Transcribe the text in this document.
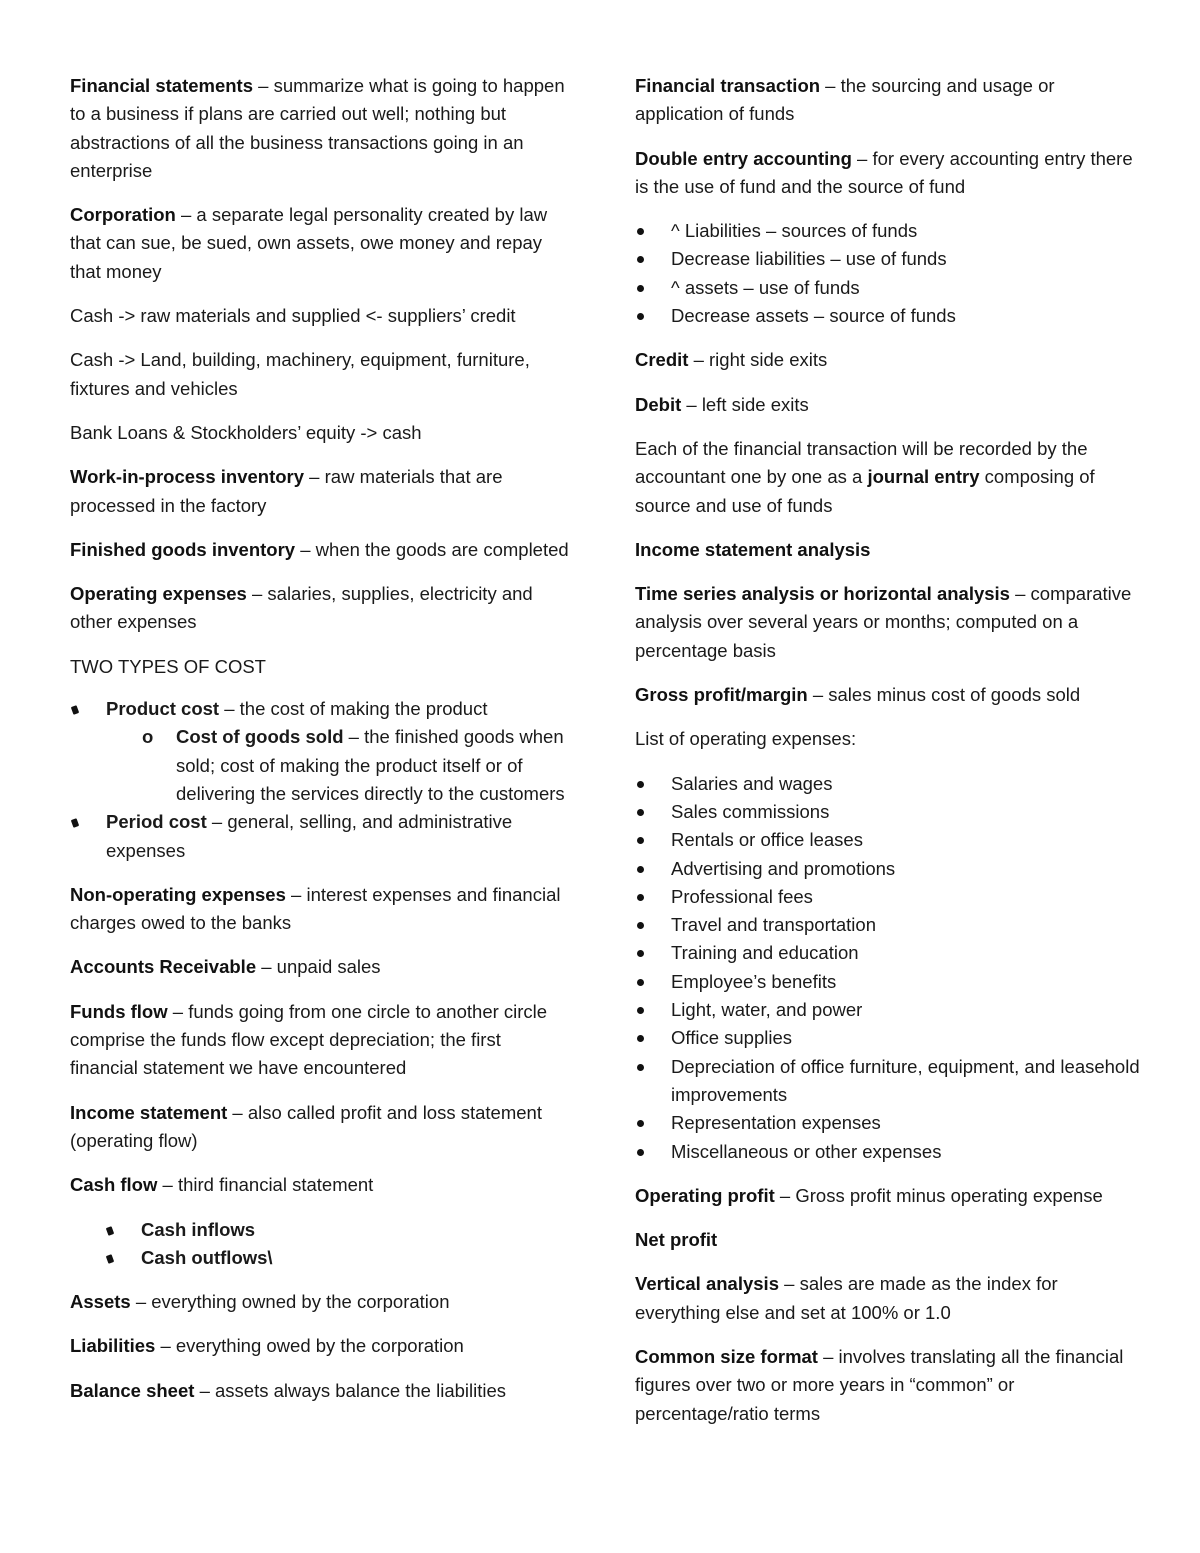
Financial statements – summarize what is going to happen to a business if plans are carried out well; nothing but abstractions of all the business transactions going in an enterprise

Corporation – a separate legal personality created by law that can sue, be sued, own assets, owe money and repay that money

Cash -> raw materials and supplied <- suppliers’ credit

Cash -> Land, building, machinery, equipment, furniture, fixtures and vehicles

Bank Loans & Stockholders’ equity -> cash

Work-in-process inventory – raw materials that are processed in the factory

Finished goods inventory – when the goods are completed

Operating expenses – salaries, supplies, electricity and other expenses

TWO TYPES OF COST

Product cost – the cost of making the product
o Cost of goods sold – the finished goods when sold; cost of making the product itself or of delivering the services directly to the customers
Period cost – general, selling, and administrative expenses

Non-operating expenses – interest expenses and financial charges owed to the banks

Accounts Receivable – unpaid sales

Funds flow – funds going from one circle to another circle comprise the funds flow except depreciation; the first financial statement we have encountered

Income statement – also called profit and loss statement (operating flow)

Cash flow – third financial statement

Cash inflows
Cash outflows\

Assets – everything owned by the corporation

Liabilities – everything owed by the corporation

Balance sheet – assets always balance the liabilities

Financial transaction – the sourcing and usage or application of funds

Double entry accounting – for every accounting entry there is the use of fund and the source of fund

^ Liabilities – sources of funds
Decrease liabilities – use of funds
^ assets – use of funds
Decrease assets – source of funds

Credit – right side exits

Debit – left side exits

Each of the financial transaction will be recorded by the accountant one by one as a journal entry composing of source and use of funds

Income statement analysis

Time series analysis or horizontal analysis – comparative analysis over several years or months; computed on a percentage basis

Gross profit/margin – sales minus cost of goods sold

List of operating expenses:

Salaries and wages
Sales commissions
Rentals or office leases
Advertising and promotions
Professional fees
Travel and transportation
Training and education
Employee’s benefits
Light, water, and power
Office supplies
Depreciation of office furniture, equipment, and leasehold improvements
Representation expenses
Miscellaneous or other expenses

Operating profit – Gross profit minus operating expense

Net profit

Vertical analysis – sales are made as the index for everything else and set at 100% or 1.0

Common size format – involves translating all the financial figures over two or more years in “common” or percentage/ratio terms
